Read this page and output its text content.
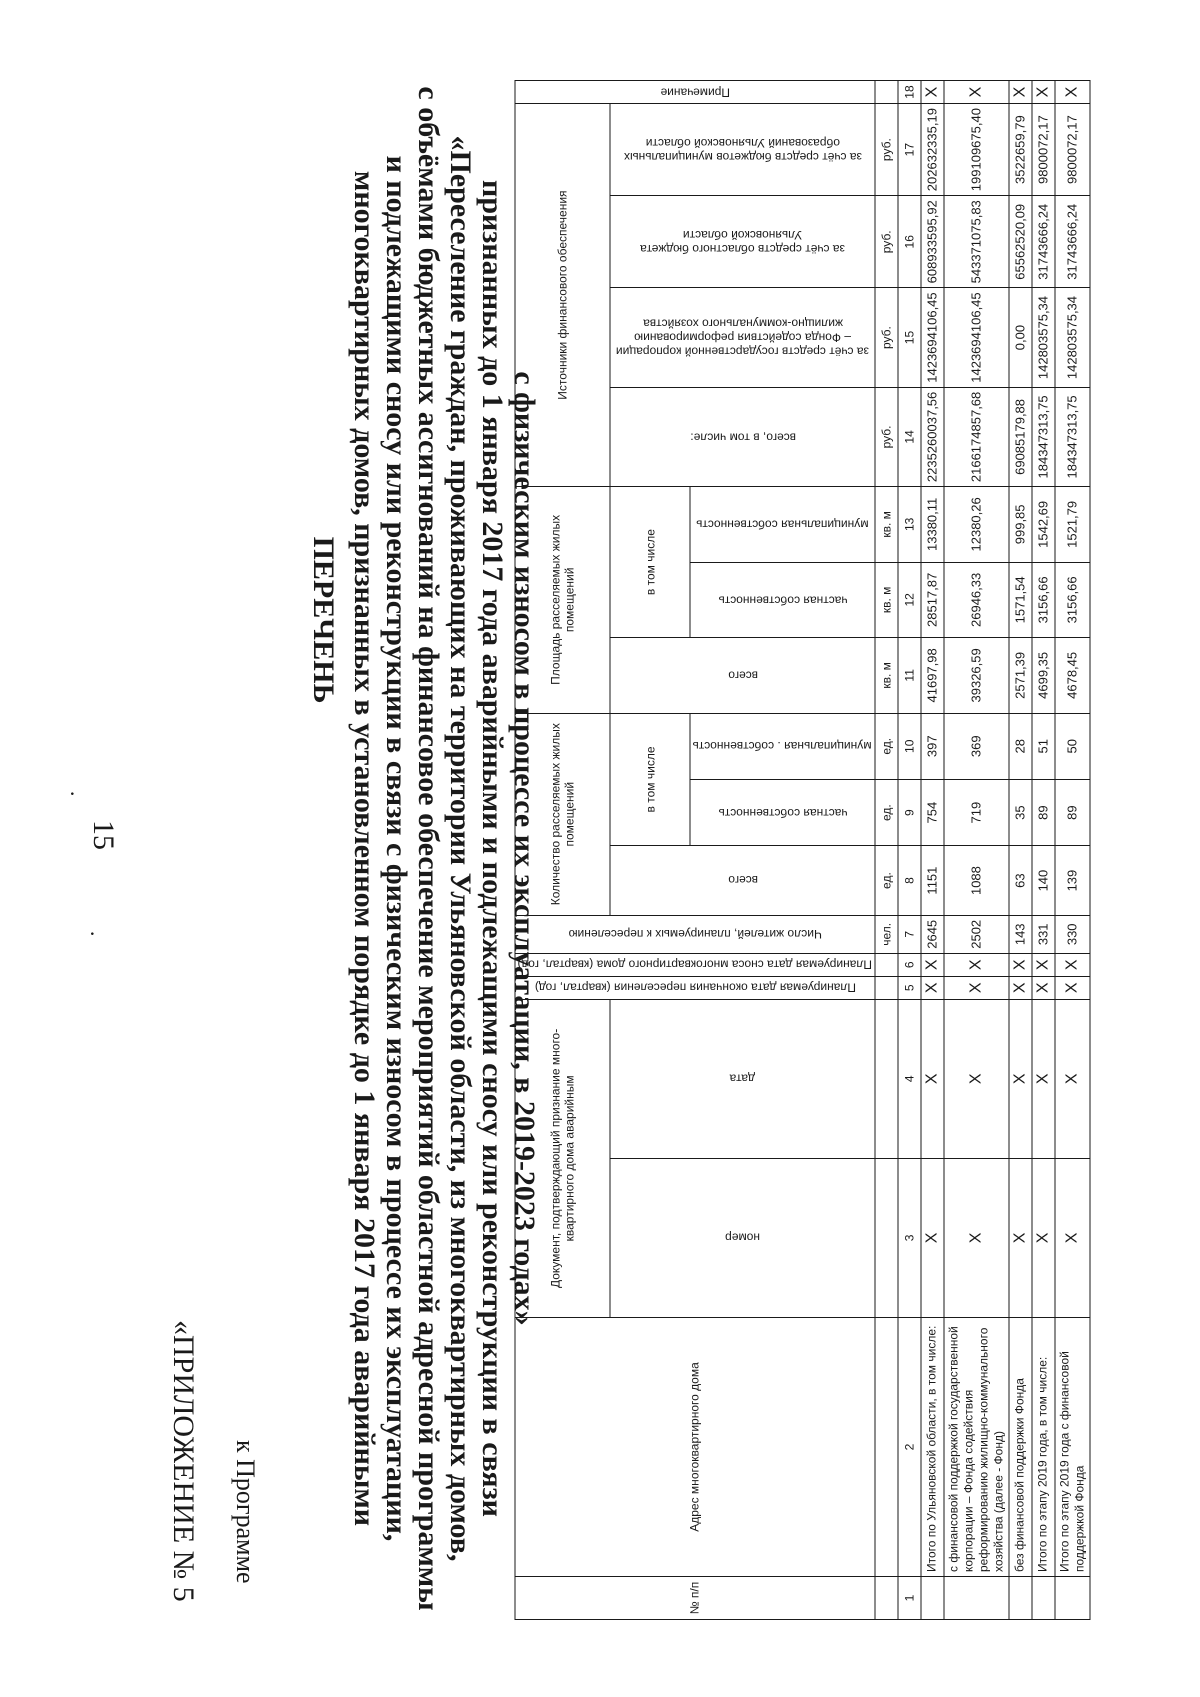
15
«ПРИЛОЖЕНИЕ № 5 к Программе
·
·
ПЕРЕЧЕНЬ многоквартирных домов, признанных в установленном порядке до 1 января 2017 года аварийными и подлежащими сносу или реконструкции в связи с физическим износом в процессе их эксплуатации, с объёмами бюджетных ассигнований на финансовое обеспечение мероприятий областной адресной программы «Переселение граждан, проживающих на территории Ульяновской области, из многоквартирных домов, признанных до 1 января 2017 года аварийными и подлежащими сносу или реконструкции в связи с физическим износом в процессе их эксплуатации, в 2019-2023 годах»
№ п/п	Адрес многоквартирного дома	Документ, подтверждающий признание много-квартирного дома аварийным		Планируемая дата окончания переселения (квартал, год)	Планируемая дата сноса многоквартирного дома (квартал, год)	Число жителей, планируемых к переселению	Количество расселяемых жилых помещений			Площадь расселяемых жилых помещений			Источники финансового обеспечения				Примечание
		номер	дата				всего	в том числе		всего	в том числе		всего, в том числе:	за счёт средств государственной корпорации – Фонда содействия реформированию жилищно-коммунального хозяйства	за счёт средств областного бюджета Ульяновской области	за счёт средств бюджетов муниципальных образований Ульяновской области	
								частная собственность	муниципальная . собственность		частная собственность	муниципальная собственность					
						чел.	ед.	ед.	ед.	кв. м	кв. м	кв. м	руб.	руб.	руб.	руб.	
1	2	3	4	5	6	7	8	9	10	11	12	13	14	15	16	17	18
	Итого по Ульяновской области, в том числе:	Х	Х	Х	Х	2645	1151	754	397	41697,98	28517,87	13380,11	2235260037,56	1423694106,45	608933595,92	202632335,19	Х
	с финансовой поддержкой государственной корпорации – Фонда содействия реформированию жилищно-коммунального хозяйства (далее - Фонд)	Х	Х	Х	Х	2502	1088	719	369	39326,59	26946,33	12380,26	2166174857,68	1423694106,45	543371075,83	199109675,40	Х
	без финансовой поддержки Фонда	Х	Х	Х	Х	143	63	35	28	2571,39	1571,54	999,85	69085179,88	0,00	65562520,09	3522659,79	Х
	Итого по этапу 2019 года, в том числе:	Х	Х	Х	Х	331	140	89	51	4699,35	3156,66	1542,69	184347313,75	142803575,34	31743666,24	9800072,17	Х
	Итого по этапу 2019 года с финансовой поддержкой Фонда	Х	Х	Х	Х	330	139	89	50	4678,45	3156,66	1521,79	184347313,75	142803575,34	31743666,24	9800072,17	Х
